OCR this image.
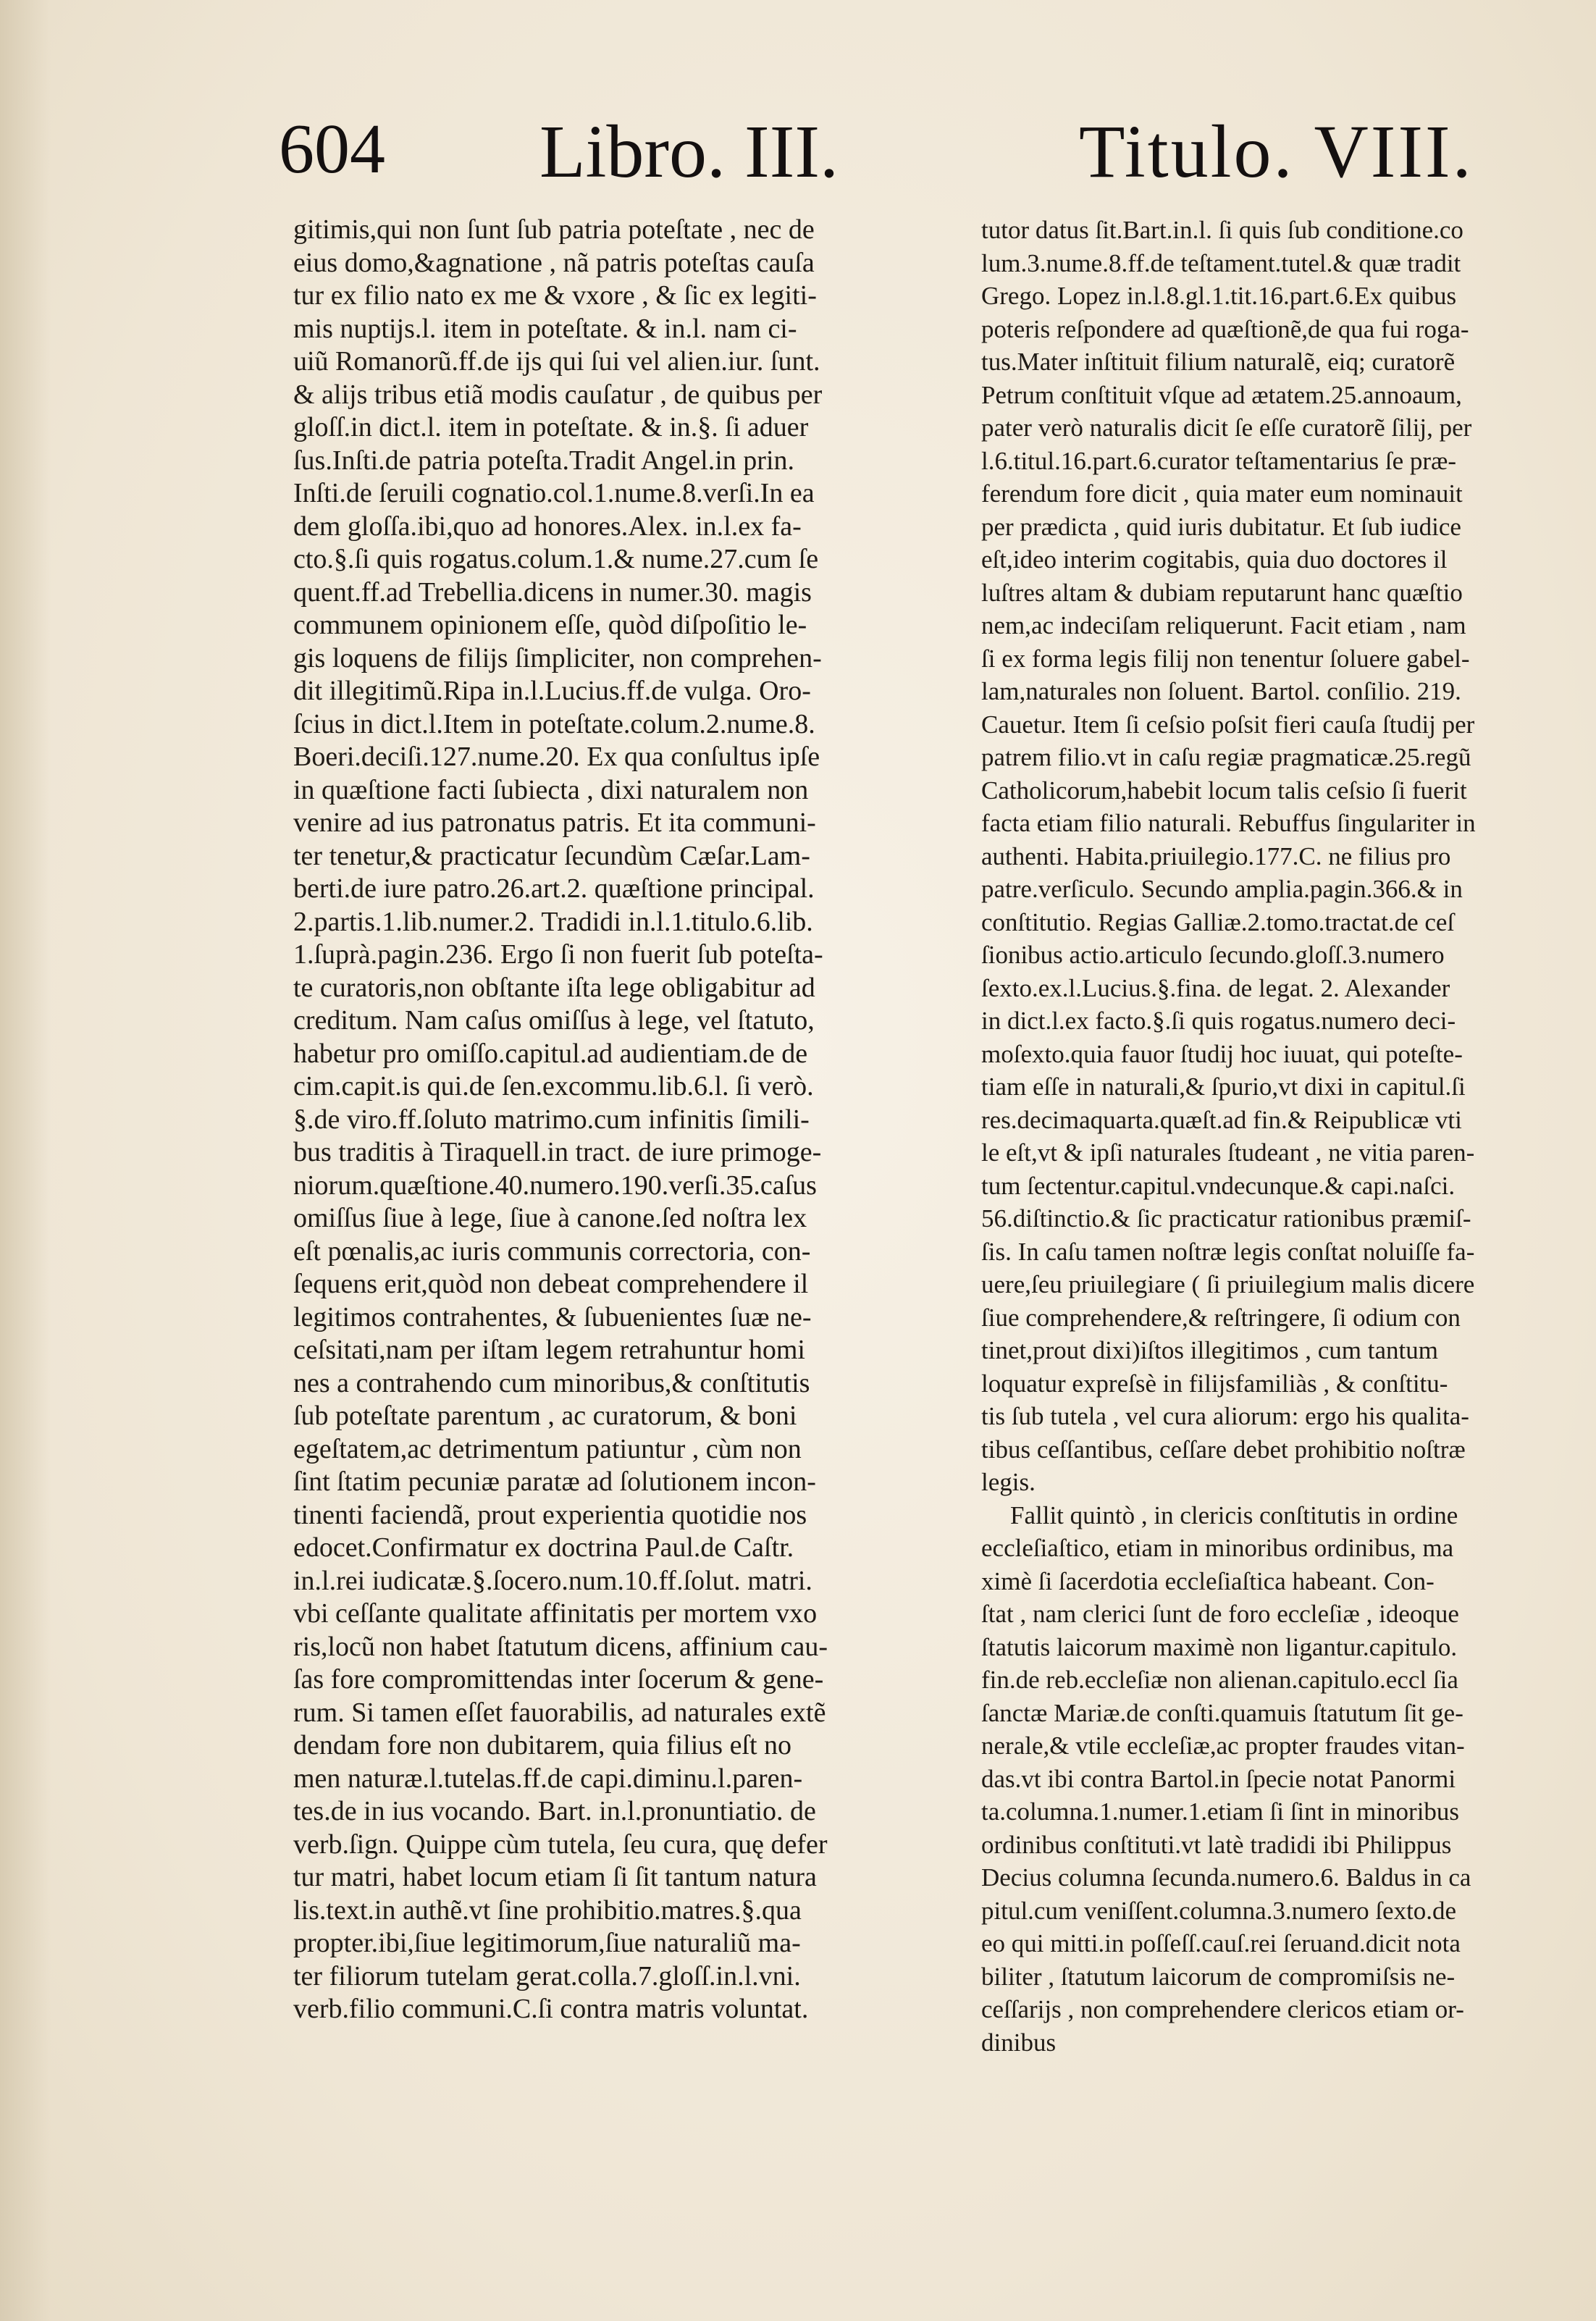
604 Libro. III.	Titulo. VIII.
gitimis,qui non ſunt ſub patria poteſtate , nec de
eius domo,&agnatione , nã patris poteſtas cauſa
tur ex filio nato ex me & vxore , & ſic ex legiti-
mis nuptijs.l. item in poteſtate. & in.l. nam ci-
uiũ Romanorũ.ff.de ijs qui ſui vel alien.iur. ſunt.
& alijs tribus etiã modis cauſatur , de quibus per
gloſſ.in dict.l. item in poteſtate. & in.§. ſi aduer
ſus.Inſti.de patria poteſta.Tradit Angel.in prin.
Inſti.de ſeruili cognatio.col.1.nume.8.verſi.In ea
dem gloſſa.ibi,quo ad honores.Alex. in.l.ex fa-
cto.§.ſi quis rogatus.colum.1.& nume.27.cum ſe
quent.ff.ad Trebellia.dicens in numer.30. magis
communem opinionem eſſe, quòd diſpoſitio le-
gis loquens de filijs ſimpliciter, non comprehen-
dit illegitimũ.Ripa in.l.Lucius.ff.de vulga. Oro-
ſcius in dict.l.Item in poteſtate.colum.2.nume.8.
Boeri.deciſi.127.nume.20. Ex qua conſultus ipſe
in quæſtione facti ſubiecta , dixi naturalem non
venire ad ius patronatus patris. Et ita communi-
ter tenetur,& practicatur ſecundùm Cæſar.Lam-
berti.de iure patro.26.art.2. quæſtione principal.
2.partis.1.lib.numer.2. Tradidi in.l.1.titulo.6.lib.
1.ſuprà.pagin.236. Ergo ſi non fuerit ſub poteſta-
te curatoris,non obſtante iſta lege obligabitur ad
creditum. Nam caſus omiſſus à lege, vel ſtatuto,
habetur pro omiſſo.capitul.ad audientiam.de de
cim.capit.is qui.de ſen.excommu.lib.6.l. ſi verò.
§.de viro.ff.ſoluto matrimo.cum infinitis ſimili-
bus traditis à Tiraquell.in tract. de iure primoge-
niorum.quæſtione.40.numero.190.verſi.35.caſus
omiſſus ſiue à lege, ſiue à canone.ſed noſtra lex
eſt pœnalis,ac iuris communis correctoria, con-
ſequens erit,quòd non debeat comprehendere il
legitimos contrahentes, & ſubuenientes ſuæ ne-
ceſsitati,nam per iſtam legem retrahuntur homi
nes a contrahendo cum minoribus,& conſtitutis
ſub poteſtate parentum , ac curatorum, & boni
egeſtatem,ac detrimentum patiuntur , cùm non
ſint ſtatim pecuniæ paratæ ad ſolutionem incon-
tinenti faciendã, prout experientia quotidie nos
edocet.Confirmatur ex doctrina Paul.de Caſtr.
in.l.rei iudicatæ.§.ſocero.num.10.ff.ſolut. matri.
vbi ceſſante qualitate affinitatis per mortem vxo
ris,locũ non habet ſtatutum dicens, affinium cau-
ſas fore compromittendas inter ſocerum & gene-
rum. Si tamen eſſet fauorabilis, ad naturales extẽ
dendam fore non dubitarem, quia filius eſt no
men naturæ.l.tutelas.ff.de capi.diminu.l.paren-
tes.de in ius vocando. Bart. in.l.pronuntiatio. de
verb.ſign. Quippe cùm tutela, ſeu cura, quę defer
tur matri, habet locum etiam ſi ſit tantum natura
lis.text.in authẽ.vt ſine prohibitio.matres.§.qua
propter.ibi,ſiue legitimorum,ſiue naturaliũ ma-
ter filiorum tutelam gerat.colla.7.gloſſ.in.l.vni.
verb.filio communi.C.ſi contra matris voluntat.
tutor datus ſit.Bart.in.l. ſi quis ſub conditione.co
lum.3.nume.8.ff.de teſtament.tutel.& quæ tradit
Grego. Lopez in.l.8.gl.1.tit.16.part.6.Ex quibus
poteris reſpondere ad quæſtionẽ,de qua fui roga-
tus.Mater inſtituit filium naturalẽ, eiq; curatorẽ
Petrum conſtituit vſque ad ætatem.25.annoaum,
pater verò naturalis dicit ſe eſſe curatorẽ ſilij, per
l.6.titul.16.part.6.curator teſtamentarius ſe præ-
ferendum fore dicit , quia mater eum nominauit
per prædicta , quid iuris dubitatur. Et ſub iudice
eſt,ideo interim cogitabis, quia duo doctores il
luſtres altam & dubiam reputarunt hanc quæſtio
nem,ac indeciſam reliquerunt. Facit etiam , nam
ſi ex forma legis filij non tenentur ſoluere gabel-
lam,naturales non ſoluent. Bartol. conſilio. 219.
Cauetur. Item ſi ceſsio poſsit fieri cauſa ſtudij per
patrem filio.vt in caſu regiæ pragmaticæ.25.regũ
Catholicorum,habebit locum talis ceſsio ſi fuerit
facta etiam filio naturali. Rebuffus ſingulariter in
authenti. Habita.priuilegio.177.C. ne filius pro
patre.verſiculo. Secundo amplia.pagin.366.& in
conſtitutio. Regias Galliæ.2.tomo.tractat.de ceſ
ſionibus actio.articulo ſecundo.gloſſ.3.numero
ſexto.ex.l.Lucius.§.fina. de legat. 2. Alexander
in dict.l.ex facto.§.ſi quis rogatus.numero deci-
moſexto.quia fauor ſtudij hoc iuuat, qui poteſte-
tiam eſſe in naturali,& ſpurio,vt dixi in capitul.ſi
res.decimaquarta.quæſt.ad fin.& Reipublicæ vti
le eſt,vt & ipſi naturales ſtudeant , ne vitia paren-
tum ſectentur.capitul.vndecunque.& capi.naſci.
56.diſtinctio.& ſic practicatur rationibus præmiſ-
ſis. In caſu tamen noſtræ legis conſtat noluiſſe fa-
uere,ſeu priuilegiare ( ſi priuilegium malis dicere
ſiue comprehendere,& reſtringere, ſi odium con
tinet,prout dixi)iſtos illegitimos , cum tantum
loquatur expreſsè in filijsfamiliàs , & conſtitu-
tis ſub tutela , vel cura aliorum: ergo his qualita-
tibus ceſſantibus, ceſſare debet prohibitio noſtræ
legis.
Fallit quintò , in clericis conſtitutis in ordine
eccleſiaſtico, etiam in minoribus ordinibus, ma
ximè ſi ſacerdotia eccleſiaſtica habeant. Con-
ſtat , nam clerici ſunt de foro eccleſiæ , ideoque
ſtatutis laicorum maximè non ligantur.capitulo.
fin.de reb.eccleſiæ non alienan.capitulo.eccl ſia
ſanctæ Mariæ.de conſti.quamuis ſtatutum ſit ge-
nerale,& vtile eccleſiæ,ac propter fraudes vitan-
das.vt ibi contra Bartol.in ſpecie notat Panormi
ta.columna.1.numer.1.etiam ſi ſint in minoribus
ordinibus conſtituti.vt latè tradidi ibi Philippus
Decius columna ſecunda.numero.6. Baldus in ca
pitul.cum veniſſent.columna.3.numero ſexto.de
eo qui mitti.in poſſeſſ.cauſ.rei ſeruand.dicit nota
biliter , ſtatutum laicorum de compromiſsis ne-
ceſſarijs , non comprehendere clericos etiam or-
dinibus
